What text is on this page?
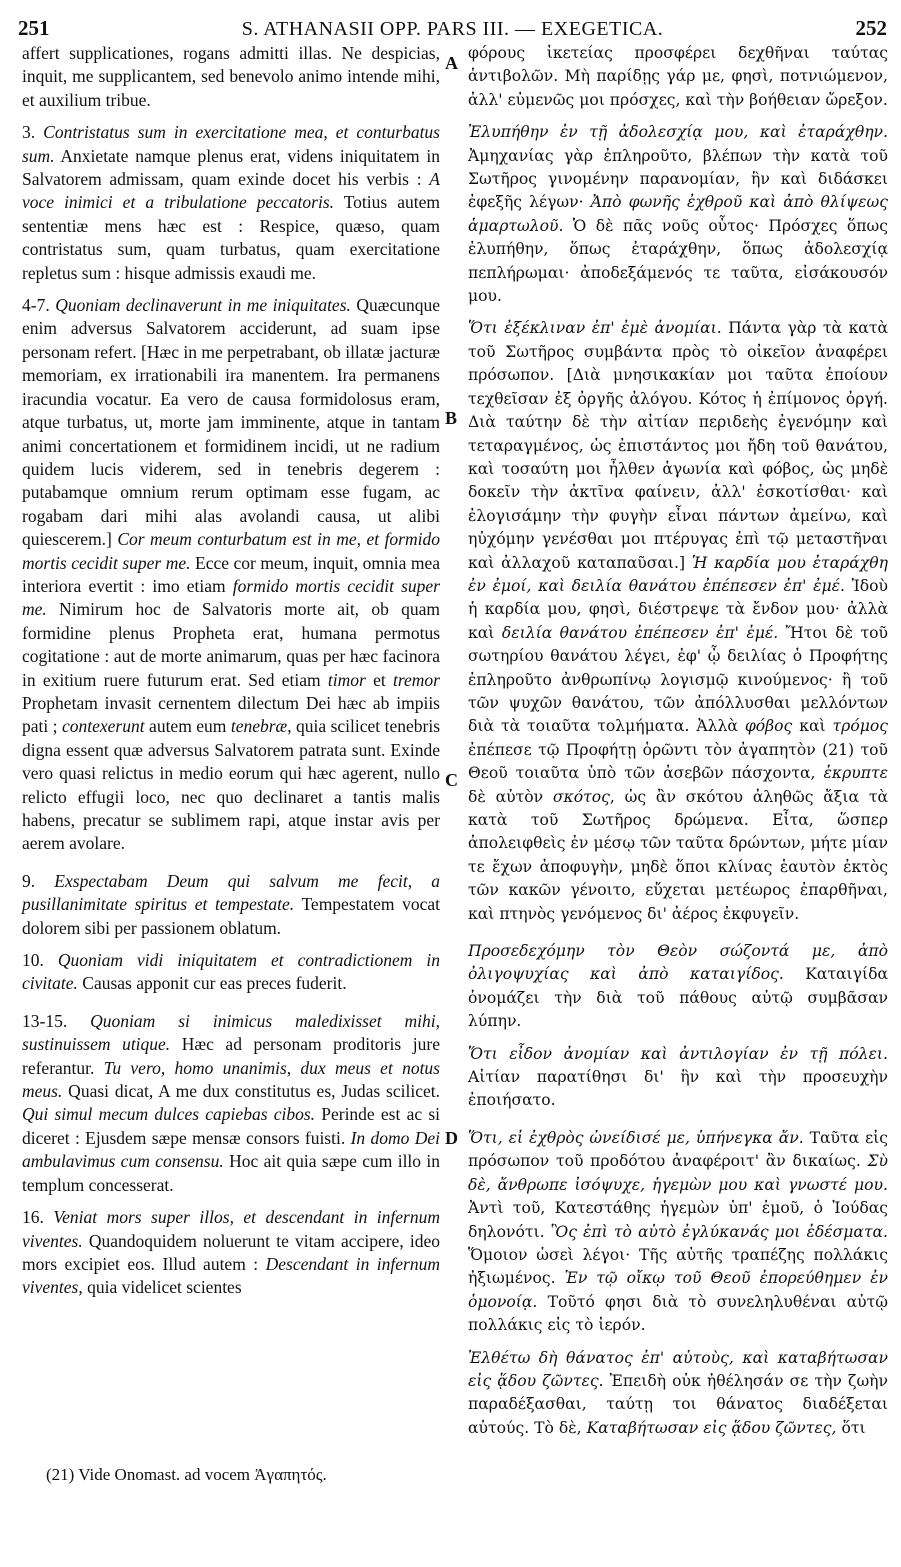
251	S. ATHANASII OPP. PARS III. — EXEGETICA.	252

affert supplicationes, rogans admitti illas. Ne despicias, inquit, me supplicantem, sed benevolo animo intende mihi, et auxilium tribue.

3. Contristatus sum in exercitatione mea, et conturbatus sum. Anxietate namque plenus erat, videns iniquitatem in Salvatorem admissam, quam exinde docet his verbis : A voce inimici et a tribulatione peccatoris. Totius autem sententiæ mens hæc est : Respice, quæso, quam contristatus sum, quam turbatus, quam exercitatione repletus sum : hisque admissis exaudi me.

4-7. Quoniam declinaverunt in me iniquitates. Quæcunque enim adversus Salvatorem acciderunt, ad suam ipse personam refert. [Hæc in me perpetrabant, ob illatæ jacturæ memoriam, ex irrationabili ira manentem. Ira permanens iracundia vocatur. Ea vero de causa formidolosus eram, atque turbatus, ut, morte jam imminente, atque in tantam animi concertationem et formidinem incidi, ut ne radium quidem lucis viderem, sed in tenebris degerem : putabamque omnium rerum optimam esse fugam, ac rogabam dari mihi alas avolandi causa, ut alibi quiescerem.] Cor meum conturbatum est in me, et formido mortis cecidit super me. Ecce cor meum, inquit, omnia mea interiora evertit : imo etiam formido mortis cecidit super me. Nimirum hoc de Salvatoris morte ait, ob quam formidine plenus Propheta erat, humana permotus cogitatione : aut de morte animarum, quas per hæc facinora in exitium ruere futurum erat. Sed etiam timor et tremor Prophetam invasit cernentem dilectum Dei hæc ab impiis pati ; contexerunt autem eum tenebræ, quia scilicet tenebris digna essent quæ adversus Salvatorem patrata sunt. Exinde vero quasi relictus in medio eorum qui hæc agerent, nullo relicto effugii loco, nec quo declinaret a tantis malis habens, precatur se sublimem rapi, atque instar avis per aerem avolare.

9. Exspectabam Deum qui salvum me fecit, a pusillanimitate spiritus et tempestate. Tempestatem vocat dolorem sibi per passionem oblatum.

10. Quoniam vidi iniquitatem et contradictionem in civitate. Causas apponit cur eas preces fuderit.

13-15. Quoniam si inimicus maledixisset mihi, sustinuissem utique. Hæc ad personam proditoris jure referantur. Tu vero, homo unanimis, dux meus et notus meus. Quasi dicat, A me dux constitutus es, Judas scilicet. Qui simul mecum dulces capiebas cibos. Perinde est ac si diceret : Ejusdem sæpe mensæ consors fuisti. In domo Dei ambulavimus cum consensu. Hoc ait quia sæpe cum illo in templum concesserat.

16. Veniat mors super illos, et descendant in infernum viventes. Quandoquidem noluerunt te vitam accipere, ideo mors excipiet eos. Illud autem : Descendant in infernum viventes, quia videlicet scientes

φόρους ἱκετείας προσφέρει δεχθῆναι ταύτας ἀντιβολῶν. Μὴ παρίδῃς γάρ με, φησὶ, ποτνιώμενον, ἀλλ' εὐμενῶς μοι πρόσχες, καὶ τὴν βοήθειαν ὤρεξον.

Ἐλυπήθην ἐν τῇ ἀδολεσχίᾳ μου, καὶ ἐταράχθην. Ἀμηχανίας γὰρ ἐπληροῦτο, βλέπων τὴν κατὰ τοῦ Σωτῆρος γινομένην παρανομίαν, ἣν καὶ διδάσκει ἐφεξῆς λέγων· Ἀπὸ φωνῆς ἐχθροῦ καὶ ἀπὸ θλίψεως ἁμαρτωλοῦ. Ὁ δὲ πᾶς νοῦς οὗτος· Πρόσχες ὅπως ἐλυπήθην, ὅπως ἐταράχθην, ὅπως ἀδολεσχίᾳ πεπλήρωμαι· ἀποδεξάμενός τε ταῦτα, εἰσάκουσόν μου.

Ὅτι ἐξέκλιναν ἐπ' ἐμὲ ἀνομίαι. Πάντα γὰρ τὰ κατὰ τοῦ Σωτῆρος συμβάντα πρὸς τὸ οἰκεῖον ἀναφέρει πρόσωπον. [Διὰ μνησικακίαν μοι ταῦτα ἐποίουν τεχθεῖσαν ἐξ ὀργῆς ἀλόγου. Κότος ἡ ἐπίμονος ὀργή. Διὰ ταύτην δὲ τὴν αἰτίαν περιδεὴς ἐγενόμην καὶ τεταραγμένος, ὡς ἐπιστάντος μοι ἤδη τοῦ θανάτου, καὶ τοσαύτη μοι ἦλθεν ἀγωνία καὶ φόβος, ὡς μηδὲ δοκεῖν τὴν ἀκτῖνα φαίνειν, ἀλλ' ἐσκοτίσθαι· καὶ ἐλογισάμην τὴν φυγὴν εἶναι πάντων ἀμείνω, καὶ ηὐχόμην γενέσθαι μοι πτέρυγας ἐπὶ τῷ μεταστῆναι καὶ ἀλλαχοῦ καταπαῦσαι.] Ἡ καρδία μου ἐταράχθη ἐν ἐμοί, καὶ δειλία θανάτου ἐπέπεσεν ἐπ' ἐμέ. Ἰδοὺ ἡ καρδία μου, φησὶ, διέστρεψε τὰ ἔνδον μου· ἀλλὰ καὶ δειλία θανάτου ἐπέπεσεν ἐπ' ἐμέ. Ἤτοι δὲ τοῦ σωτηρίου θανάτου λέγει, ἐφ' ᾧ δειλίας ὁ Προφήτης ἐπληροῦτο ἀνθρωπίνῳ λογισμῷ κινούμενος· ἢ τοῦ τῶν ψυχῶν θανάτου, τῶν ἀπόλλυσθαι μελλόντων διὰ τὰ τοιαῦτα τολμήματα. Ἀλλὰ φόβος καὶ τρόμος ἐπέπεσε τῷ Προφήτῃ ὁρῶντι τὸν ἀγαπητὸν (21) τοῦ Θεοῦ τοιαῦτα ὑπὸ τῶν ἀσεβῶν πάσχοντα, ἐκρυπτε δὲ αὐτὸν σκότος, ὡς ἂν σκότου ἀληθῶς ἄξια τὰ κατὰ τοῦ Σωτῆρος δρώμενα. Εἶτα, ὥσπερ ἀπολειφθεὶς ἐν μέσῳ τῶν ταῦτα δρώντων, μήτε μίαν τε ἔχων ἀποφυγὴν, μηδὲ ὅποι κλίνας ἑαυτὸν ἐκτὸς τῶν κακῶν γένοιτο, εὔχεται μετέωρος ἐπαρθῆναι, καὶ πτηνὸς γενόμενος δι' ἀέρος ἐκφυγεῖν.

Προσεδεχόμην τὸν Θεὸν σώζοντά με, ἀπὸ ὀλιγοψυχίας καὶ ἀπὸ καταιγίδος. Καταιγίδα ὀνομάζει τὴν διὰ τοῦ πάθους αὐτῷ συμβᾶσαν λύπην.

Ὅτι εἶδον ἀνομίαν καὶ ἀντιλογίαν ἐν τῇ πόλει. Αἰτίαν παρατίθησι δι' ἣν καὶ τὴν προσευχὴν ἐποιήσατο.

Ὅτι, εἰ ἐχθρὸς ὠνείδισέ με, ὑπήνεγκα ἄν. Ταῦτα εἰς πρόσωπον τοῦ προδότου ἀναφέροιτ' ἂν δικαίως. Σὺ δὲ, ἄνθρωπε ἰσόψυχε, ἡγεμὼν μου καὶ γνωστέ μου. Ἀντὶ τοῦ, Κατεστάθης ἡγεμὼν ὑπ' ἐμοῦ, ὁ Ἰούδας δηλονότι. Ὃς ἐπὶ τὸ αὐτὸ ἐγλύκανάς μοι ἐδέσματα. Ὅμοιον ὡσεὶ λέγοι· Τῆς αὐτῆς τραπέζης πολλάκις ἠξιωμένος. Ἐν τῷ οἴκῳ τοῦ Θεοῦ ἐπορεύθημεν ἐν ὁμονοίᾳ. Τοῦτό φησι διὰ τὸ συνεληλυθέναι αὐτῷ πολλάκις εἰς τὸ ἱερόν.

Ἐλθέτω δὴ θάνατος ἐπ' αὐτοὺς, καὶ καταβήτωσαν εἰς ᾅδου ζῶντες. Ἐπειδὴ οὐκ ἠθέλησάν σε τὴν ζωὴν παραδέξασθαι, ταύτῃ τοι θάνατος διαδέξεται αὐτούς. Τὸ δὲ, Καταβήτωσαν εἰς ᾅδου ζῶντες, ὅτι

A
B
C
D
(21) Vide Onomast. ad vocem Ἀγαπητός.
